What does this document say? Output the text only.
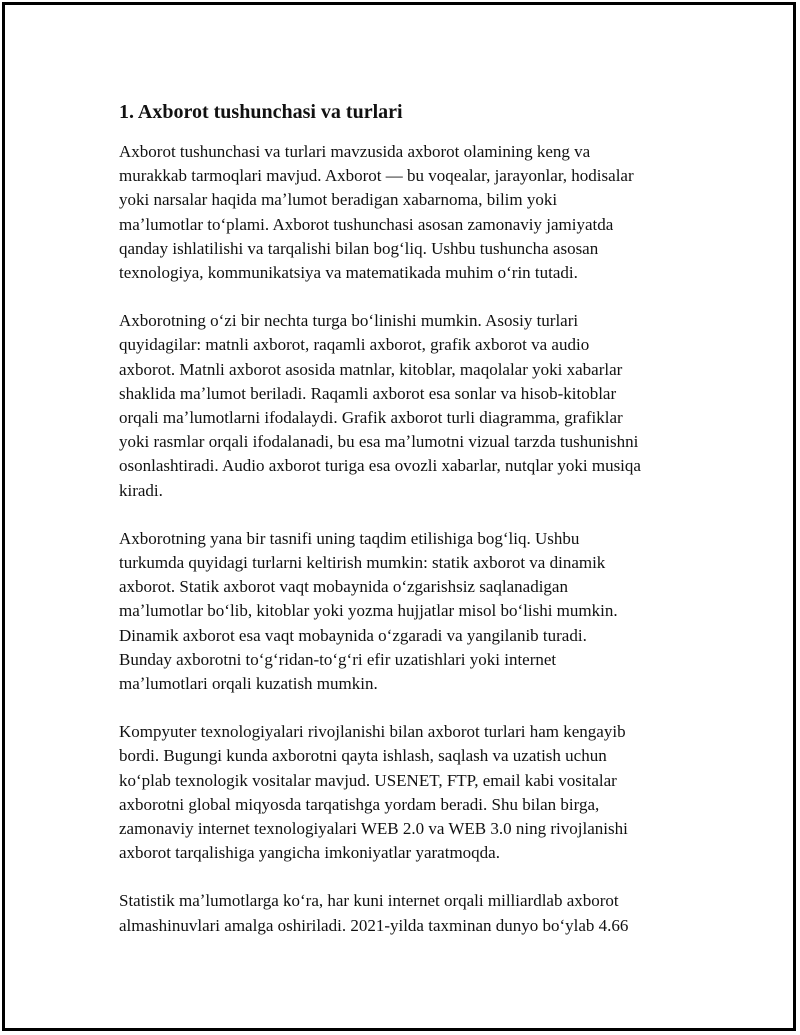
1. Axborot tushunchasi va turlari

Axborot tushunchasi va turlari mavzusida axborot olamining keng va
murakkab tarmoqlari mavjud. Axborot — bu voqealar, jarayonlar, hodisalar
yoki narsalar haqida maʼlumot beradigan xabarnoma, bilim yoki
maʼlumotlar toʻplami. Axborot tushunchasi asosan zamonaviy jamiyatda
qanday ishlatilishi va tarqalishi bilan bogʻliq. Ushbu tushuncha asosan
texnologiya, kommunikatsiya va matematikada muhim oʻrin tutadi.

Axborotning oʻzi bir nechta turga boʻlinishi mumkin. Asosiy turlari
quyidagilar: matnli axborot, raqamli axborot, grafik axborot va audio
axborot. Matnli axborot asosida matnlar, kitoblar, maqolalar yoki xabarlar
shaklida maʼlumot beriladi. Raqamli axborot esa sonlar va hisob-kitoblar
orqali maʼlumotlarni ifodalaydi. Grafik axborot turli diagramma, grafiklar
yoki rasmlar orqali ifodalanadi, bu esa maʼlumotni vizual tarzda tushunishni
osonlashtiradi. Audio axborot turiga esa ovozli xabarlar, nutqlar yoki musiqa
kiradi.

Axborotning yana bir tasnifi uning taqdim etilishiga bogʻliq. Ushbu
turkumda quyidagi turlarni keltirish mumkin: statik axborot va dinamik
axborot. Statik axborot vaqt mobaynida oʻzgarishsiz saqlanadigan
maʼlumotlar boʻlib, kitoblar yoki yozma hujjatlar misol boʻlishi mumkin.
Dinamik axborot esa vaqt mobaynida oʻzgaradi va yangilanib turadi.
Bunday axborotni toʻgʻridan-toʻgʻri efir uzatishlari yoki internet
maʼlumotlari orqali kuzatish mumkin.

Kompyuter texnologiyalari rivojlanishi bilan axborot turlari ham kengayib
bordi. Bugungi kunda axborotni qayta ishlash, saqlash va uzatish uchun
koʻplab texnologik vositalar mavjud. USENET, FTP, email kabi vositalar
axborotni global miqyosda tarqatishga yordam beradi. Shu bilan birga,
zamonaviy internet texnologiyalari WEB 2.0 va WEB 3.0 ning rivojlanishi
axborot tarqalishiga yangicha imkoniyatlar yaratmoqda.

Statistik maʼlumotlarga koʻra, har kuni internet orqali milliardlab axborot
almashinuvlari amalga oshiriladi. 2021-yilda taxminan dunyo boʻylab 4.66
